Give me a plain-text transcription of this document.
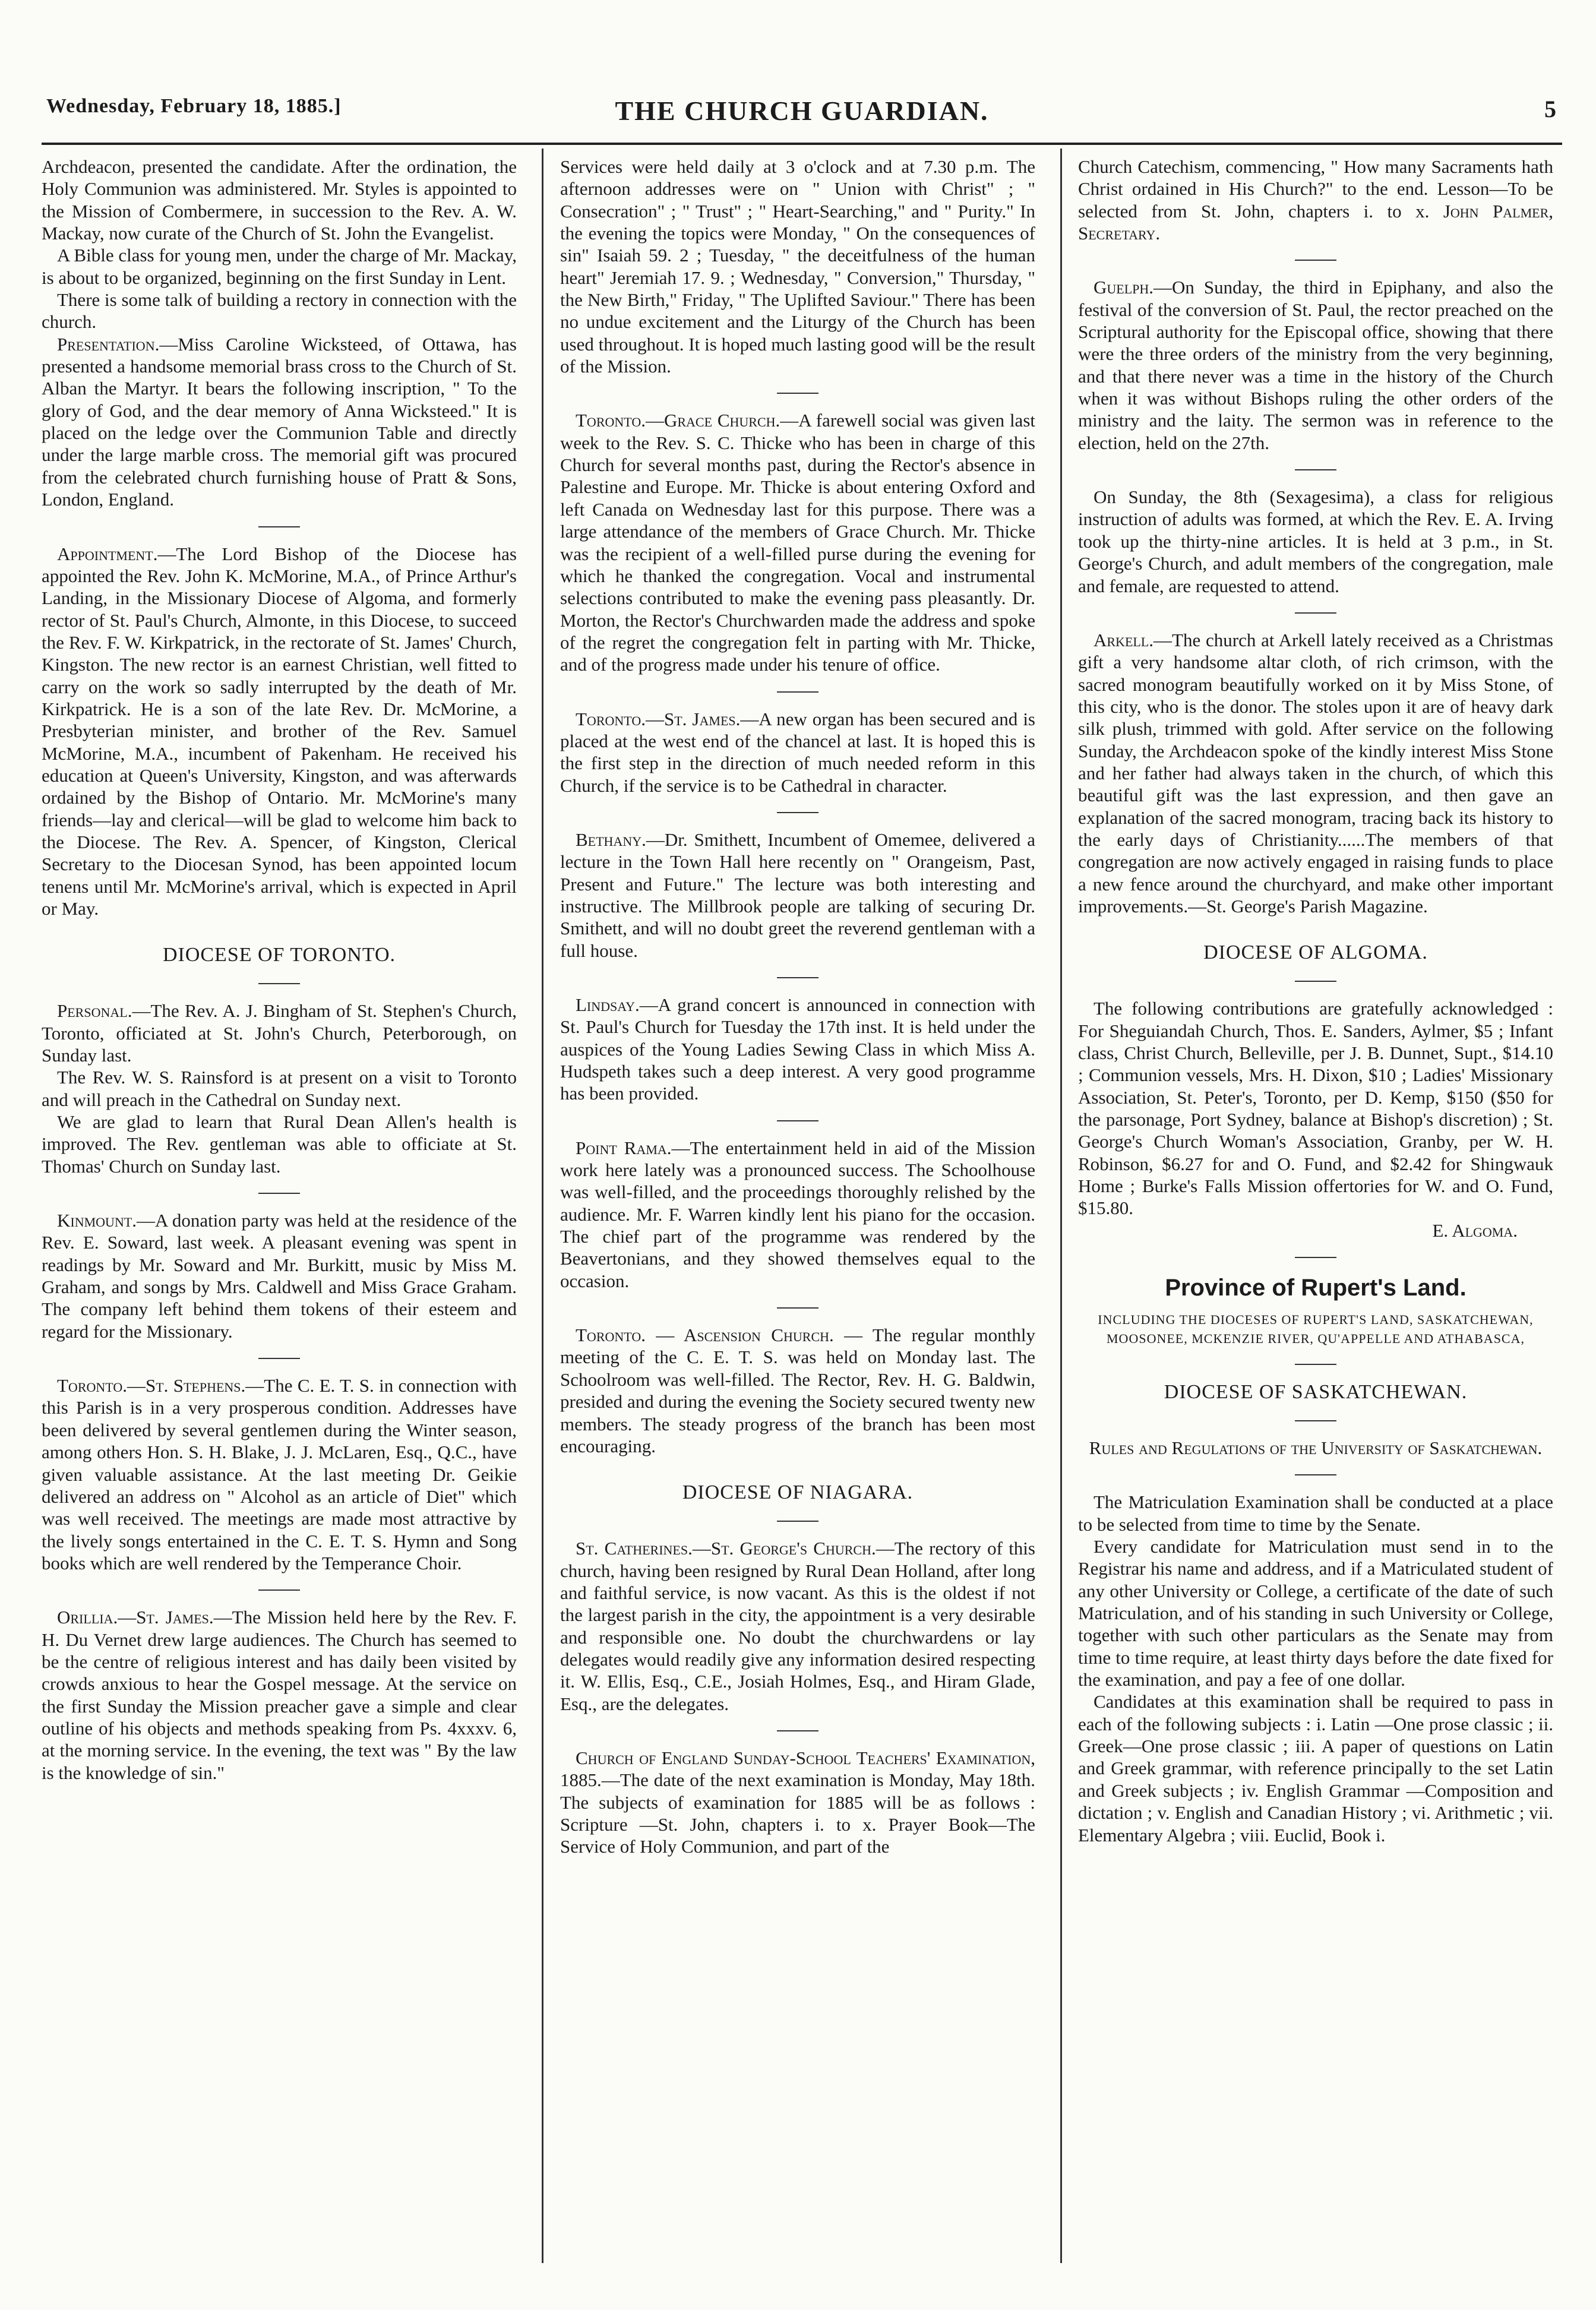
Wednesday, February 18, 1885.]	THE CHURCH GUARDIAN.	5

Archdeacon, presented the candidate. After the ordination, the Holy Communion was administered. Mr. Styles is appointed to the Mission of Combermere, in succession to the Rev. A. W. Mackay, now curate of the Church of St. John the Evangelist.

A Bible class for young men, under the charge of Mr. Mackay, is about to be organized, beginning on the first Sunday in Lent.

There is some talk of building a rectory in connection with the church.

Presentation.—Miss Caroline Wicksteed, of Ottawa, has presented a handsome memorial brass cross to the Church of St. Alban the Martyr. It bears the following inscription, " To the glory of God, and the dear memory of Anna Wicksteed." It is placed on the ledge over the Communion Table and directly under the large marble cross. The memorial gift was procured from the celebrated church furnishing house of Pratt & Sons, London, England.

Appointment.—The Lord Bishop of the Diocese has appointed the Rev. John K. McMorine, M.A., of Prince Arthur's Landing, in the Missionary Diocese of Algoma, and formerly rector of St. Paul's Church, Almonte, in this Diocese, to succeed the Rev. F. W. Kirkpatrick, in the rectorate of St. James' Church, Kingston. The new rector is an earnest Christian, well fitted to carry on the work so sadly interrupted by the death of Mr. Kirkpatrick. He is a son of the late Rev. Dr. McMorine, a Presbyterian minister, and brother of the Rev. Samuel McMorine, M.A., incumbent of Pakenham. He received his education at Queen's University, Kingston, and was afterwards ordained by the Bishop of Ontario. Mr. McMorine's many friends—lay and clerical—will be glad to welcome him back to the Diocese. The Rev. A. Spencer, of Kingston, Clerical Secretary to the Diocesan Synod, has been appointed locum tenens until Mr. McMorine's arrival, which is expected in April or May.

DIOCESE OF TORONTO.

Personal.—The Rev. A. J. Bingham of St. Stephen's Church, Toronto, officiated at St. John's Church, Peterborough, on Sunday last.

The Rev. W. S. Rainsford is at present on a visit to Toronto and will preach in the Cathedral on Sunday next.

We are glad to learn that Rural Dean Allen's health is improved. The Rev. gentleman was able to officiate at St. Thomas' Church on Sunday last.

Kinmount.—A donation party was held at the residence of the Rev. E. Soward, last week. A pleasant evening was spent in readings by Mr. Soward and Mr. Burkitt, music by Miss M. Graham, and songs by Mrs. Caldwell and Miss Grace Graham. The company left behind them tokens of their esteem and regard for the Missionary.

Toronto.—St. Stephens.—The C. E. T. S. in connection with this Parish is in a very prosperous condition. Addresses have been delivered by several gentlemen during the Winter season, among others Hon. S. H. Blake, J. J. McLaren, Esq., Q.C., have given valuable assistance. At the last meeting Dr. Geikie delivered an address on " Alcohol as an article of Diet" which was well received. The meetings are made most attractive by the lively songs entertained in the C. E. T. S. Hymn and Song books which are well rendered by the Temperance Choir.

Orillia.—St. James.—The Mission held here by the Rev. F. H. Du Vernet drew large audiences. The Church has seemed to be the centre of religious interest and has daily been visited by crowds anxious to hear the Gospel message. At the service on the first Sunday the Mission preacher gave a simple and clear outline of his objects and methods speaking from Ps. 4xxxv. 6, at the morning service. In the evening, the text was " By the law is the knowledge of sin."

Services were held daily at 3 o'clock and at 7.30 p.m. The afternoon addresses were on " Union with Christ" ; " Consecration" ; " Trust" ; " Heart-Searching," and " Purity." In the evening the topics were Monday, " On the consequences of sin" Isaiah 59. 2 ; Tuesday, " the deceitfulness of the human heart" Jeremiah 17. 9. ; Wednesday, " Conversion," Thursday, " the New Birth," Friday, " The Uplifted Saviour." There has been no undue excitement and the Liturgy of the Church has been used throughout. It is hoped much lasting good will be the result of the Mission.

Toronto.—Grace Church.—A farewell social was given last week to the Rev. S. C. Thicke who has been in charge of this Church for several months past, during the Rector's absence in Palestine and Europe. Mr. Thicke is about entering Oxford and left Canada on Wednesday last for this purpose. There was a large attendance of the members of Grace Church. Mr. Thicke was the recipient of a well-filled purse during the evening for which he thanked the congregation. Vocal and instrumental selections contributed to make the evening pass pleasantly. Dr. Morton, the Rector's Churchwarden made the address and spoke of the regret the congregation felt in parting with Mr. Thicke, and of the progress made under his tenure of office.

Toronto.—St. James.—A new organ has been secured and is placed at the west end of the chancel at last. It is hoped this is the first step in the direction of much needed reform in this Church, if the service is to be Cathedral in character.

Bethany.—Dr. Smithett, Incumbent of Omemee, delivered a lecture in the Town Hall here recently on " Orangeism, Past, Present and Future." The lecture was both interesting and instructive. The Millbrook people are talking of securing Dr. Smithett, and will no doubt greet the reverend gentleman with a full house.

Lindsay.—A grand concert is announced in connection with St. Paul's Church for Tuesday the 17th inst. It is held under the auspices of the Young Ladies Sewing Class in which Miss A. Hudspeth takes such a deep interest. A very good programme has been provided.

Point Rama.—The entertainment held in aid of the Mission work here lately was a pronounced success. The Schoolhouse was well-filled, and the proceedings thoroughly relished by the audience. Mr. F. Warren kindly lent his piano for the occasion. The chief part of the programme was rendered by the Beavertonians, and they showed themselves equal to the occasion.

Toronto. — Ascension Church. — The regular monthly meeting of the C. E. T. S. was held on Monday last. The Schoolroom was well-filled. The Rector, Rev. H. G. Baldwin, presided and during the evening the Society secured twenty new members. The steady progress of the branch has been most encouraging.

DIOCESE OF NIAGARA.

St. Catherines.—St. George's Church.—The rectory of this church, having been resigned by Rural Dean Holland, after long and faithful service, is now vacant. As this is the oldest if not the largest parish in the city, the appointment is a very desirable and responsible one. No doubt the churchwardens or lay delegates would readily give any information desired respecting it. W. Ellis, Esq., C.E., Josiah Holmes, Esq., and Hiram Glade, Esq., are the delegates.

Church of England Sunday-School Teachers' Examination, 1885.—The date of the next examination is Monday, May 18th. The subjects of examination for 1885 will be as follows : Scripture —St. John, chapters i. to x. Prayer Book—The Service of Holy Communion, and part of the

Church Catechism, commencing, " How many Sacraments hath Christ ordained in His Church?" to the end. Lesson—To be selected from St. John, chapters i. to x. John Palmer, Secretary.

Guelph.—On Sunday, the third in Epiphany, and also the festival of the conversion of St. Paul, the rector preached on the Scriptural authority for the Episcopal office, showing that there were the three orders of the ministry from the very beginning, and that there never was a time in the history of the Church when it was without Bishops ruling the other orders of the ministry and the laity. The sermon was in reference to the election, held on the 27th.

On Sunday, the 8th (Sexagesima), a class for religious instruction of adults was formed, at which the Rev. E. A. Irving took up the thirty-nine articles. It is held at 3 p.m., in St. George's Church, and adult members of the congregation, male and female, are requested to attend.

Arkell.—The church at Arkell lately received as a Christmas gift a very handsome altar cloth, of rich crimson, with the sacred monogram beautifully worked on it by Miss Stone, of this city, who is the donor. The stoles upon it are of heavy dark silk plush, trimmed with gold. After service on the following Sunday, the Archdeacon spoke of the kindly interest Miss Stone and her father had always taken in the church, of which this beautiful gift was the last expression, and then gave an explanation of the sacred monogram, tracing back its history to the early days of Christianity......The members of that congregation are now actively engaged in raising funds to place a new fence around the churchyard, and make other important improvements.—St. George's Parish Magazine.

DIOCESE OF ALGOMA.

The following contributions are gratefully acknowledged : For Sheguiandah Church, Thos. E. Sanders, Aylmer, $5 ; Infant class, Christ Church, Belleville, per J. B. Dunnet, Supt., $14.10 ; Communion vessels, Mrs. H. Dixon, $10 ; Ladies' Missionary Association, St. Peter's, Toronto, per D. Kemp, $150 ($50 for the parsonage, Port Sydney, balance at Bishop's discretion) ; St. George's Church Woman's Association, Granby, per W. H. Robinson, $6.27 for and O. Fund, and $2.42 for Shingwauk Home ; Burke's Falls Mission offertories for W. and O. Fund, $15.80.

E. Algoma.
Province of Rupert's Land.
INCLUDING THE DIOCESES OF RUPERT'S LAND, SASKATCHEWAN, MOOSONEE, MCKENZIE RIVER, QU'APPELLE AND ATHABASCA,
DIOCESE OF SASKATCHEWAN.
Rules and Regulations of the University of Saskatchewan.

The Matriculation Examination shall be conducted at a place to be selected from time to time by the Senate.

Every candidate for Matriculation must send in to the Registrar his name and address, and if a Matriculated student of any other University or College, a certificate of the date of such Matriculation, and of his standing in such University or College, together with such other particulars as the Senate may from time to time require, at least thirty days before the date fixed for the examination, and pay a fee of one dollar.

Candidates at this examination shall be required to pass in each of the following subjects : i. Latin —One prose classic ; ii. Greek—One prose classic ; iii. A paper of questions on Latin and Greek grammar, with reference principally to the set Latin and Greek subjects ; iv. English Grammar —Composition and dictation ; v. English and Canadian History ; vi. Arithmetic ; vii. Elementary Algebra ; viii. Euclid, Book i.
